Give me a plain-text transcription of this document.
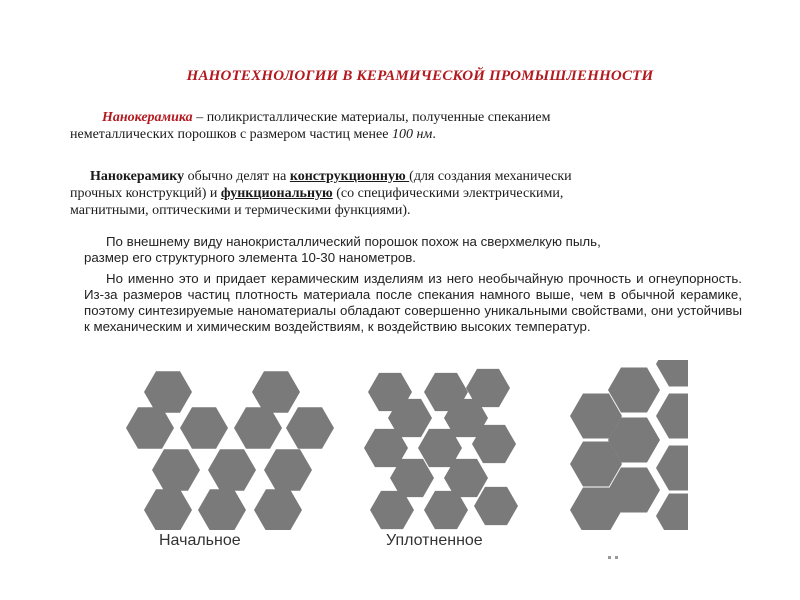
НАНОТЕХНОЛОГИИ В КЕРАМИЧЕСКОЙ ПРОМЫШЛЕННОСТИ

Нанокерамика – поликристаллические материалы, полученные спеканием
неметаллических порошков с размером частиц менее 100 нм.

Нанокерамику обычно делят на конструкционную (для создания механически
прочных конструкций) и функциональную (со специфическими электрическими,
магнитными, оптическими и термическими функциями).

По внешнему виду нанокристаллический порошок похож на сверхмелкую пыль,
размер его структурного элемента 10-30 нанометров.

Но именно это и придает керамическим изделиям из него необычайную прочность и огнеупорность. Из-за размеров частиц плотность материала после спекания намного выше, чем в обычной керамике, поэтому синтезируемые наноматериалы обладают совершенно уникальными свойствами, они устойчивы к механическим и химическим воздействиям, к воздействию высоких температур.

Начальное	Уплотненное
